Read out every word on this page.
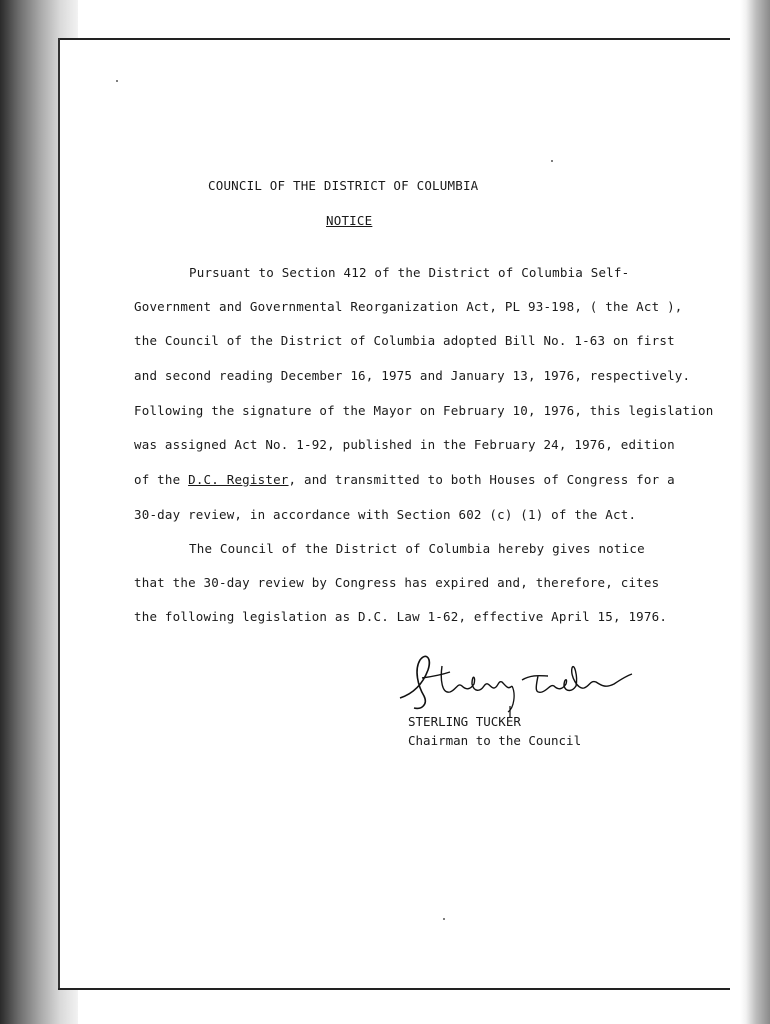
COUNCIL OF THE DISTRICT OF COLUMBIA
NOTICE
Pursuant to Section 412 of the District of Columbia Self-
Government and Governmental Reorganization Act, PL 93-198, ( the Act ),
the Council of the District of Columbia adopted Bill No. 1-63 on first
and second reading December 16, 1975 and January 13, 1976, respectively.
Following the signature of the Mayor on February 10, 1976, this legislation
was assigned Act No. 1-92, published in the February 24, 1976, edition
of the D.C. Register, and transmitted to both Houses of Congress for a
30-day review, in accordance with Section 602 (c) (1) of the Act.
The Council of the District of Columbia hereby gives notice
that the 30-day review by Congress has expired and, therefore, cites
the following legislation as D.C. Law 1-62, effective April 15, 1976.
STERLING TUCKER
Chairman to the Council
